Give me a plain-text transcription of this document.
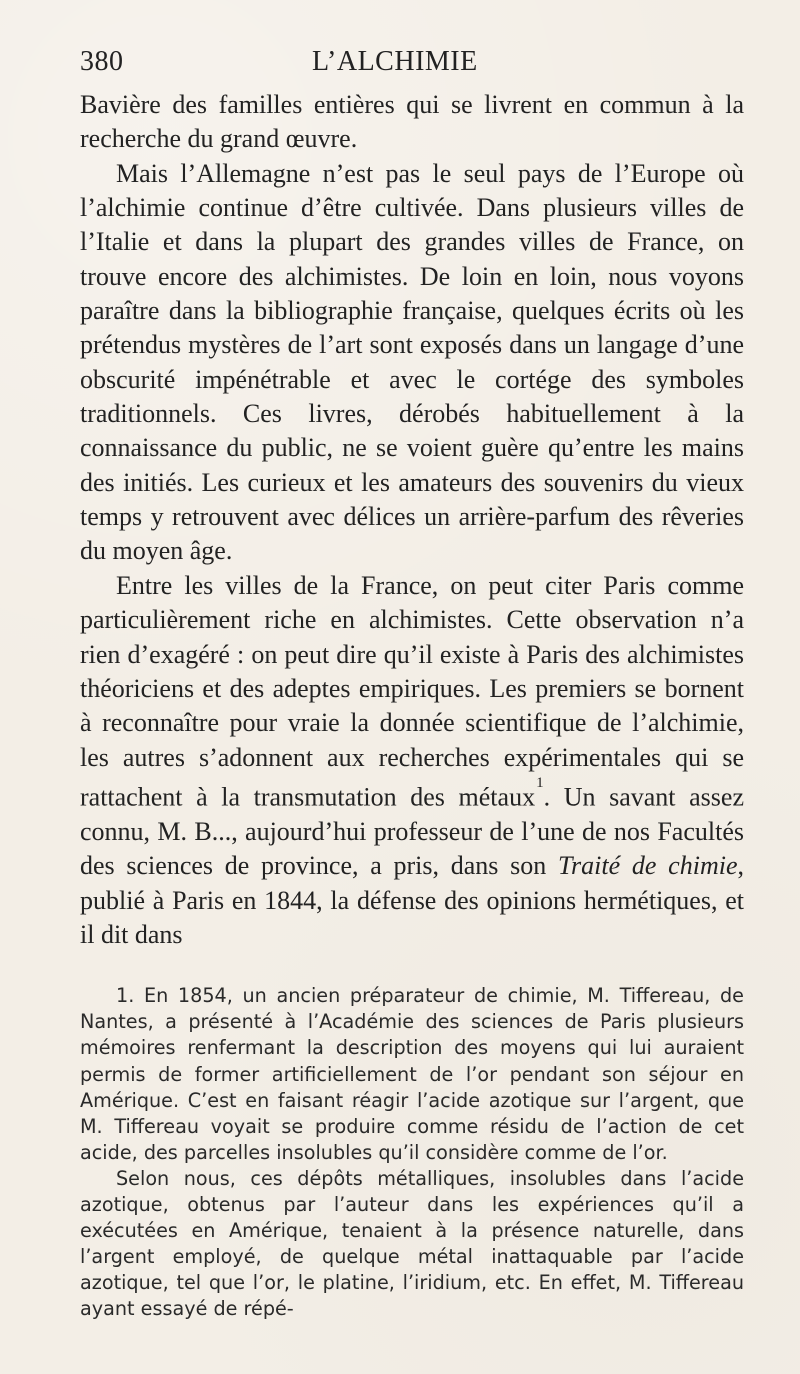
380	L’ALCHIMIE

Bavière des familles entières qui se livrent en commun à la recherche du grand œuvre.

Mais l’Allemagne n’est pas le seul pays de l’Europe où l’alchimie continue d’être cultivée. Dans plusieurs villes de l’Italie et dans la plupart des grandes villes de France, on trouve encore des alchimistes. De loin en loin, nous voyons paraître dans la bibliographie française, quelques écrits où les prétendus mystères de l’art sont exposés dans un langage d’une obscurité impénétrable et avec le cortége des symboles traditionnels. Ces livres, dérobés habituellement à la connaissance du public, ne se voient guère qu’entre les mains des initiés. Les curieux et les amateurs des souvenirs du vieux temps y retrouvent avec délices un arrière-parfum des rêveries du moyen âge.

Entre les villes de la France, on peut citer Paris comme particulièrement riche en alchimistes. Cette observation n’a rien d’exagéré : on peut dire qu’il existe à Paris des alchimistes théoriciens et des adeptes empiriques. Les premiers se bornent à reconnaître pour vraie la donnée scientifique de l’alchimie, les autres s’adonnent aux recherches expérimentales qui se rattachent à la transmutation des métaux$^1$. Un savant assez connu, M. B..., aujourd’hui professeur de l’une de nos Facultés des sciences de province, a pris, dans son Traité de chimie, publié à Paris en 1844, la défense des opinions hermétiques, et il dit dans

1. En 1854, un ancien préparateur de chimie, M. Tiffereau, de Nantes, a présenté à l’Académie des sciences de Paris plusieurs mémoires renfermant la description des moyens qui lui auraient permis de former artificiellement de l’or pendant son séjour en Amérique. C’est en faisant réagir l’acide azotique sur l’argent, que M. Tiffereau voyait se produire comme résidu de l’action de cet acide, des parcelles insolubles qu’il considère comme de l’or.

Selon nous, ces dépôts métalliques, insolubles dans l’acide azotique, obtenus par l’auteur dans les expériences qu’il a exécutées en Amérique, tenaient à la présence naturelle, dans l’argent employé, de quelque métal inattaquable par l’acide azotique, tel que l’or, le platine, l’iridium, etc. En effet, M. Tiffereau ayant essayé de répé-
